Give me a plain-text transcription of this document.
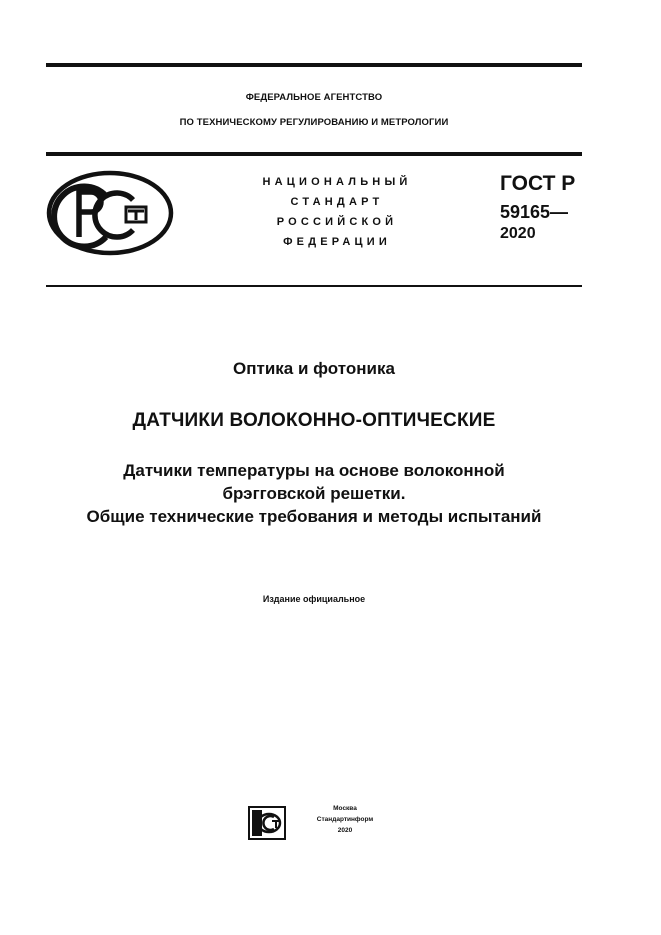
ФЕДЕРАЛЬНОЕ АГЕНТСТВО
ПО ТЕХНИЧЕСКОМУ РЕГУЛИРОВАНИЮ И МЕТРОЛОГИИ
НАЦИОНАЛЬНЫЙ
СТАНДАРТ
РОССИЙСКОЙ
ФЕДЕРАЦИИ
ГОСТ Р
59165—
2020
Оптика и фотоника
ДАТЧИКИ ВОЛОКОННО-ОПТИЧЕСКИЕ
Датчики температуры на основе волоконной
брэгговской решетки.
Общие технические требования и методы испытаний
Издание официальное
Москва
Стандартинформ
2020
